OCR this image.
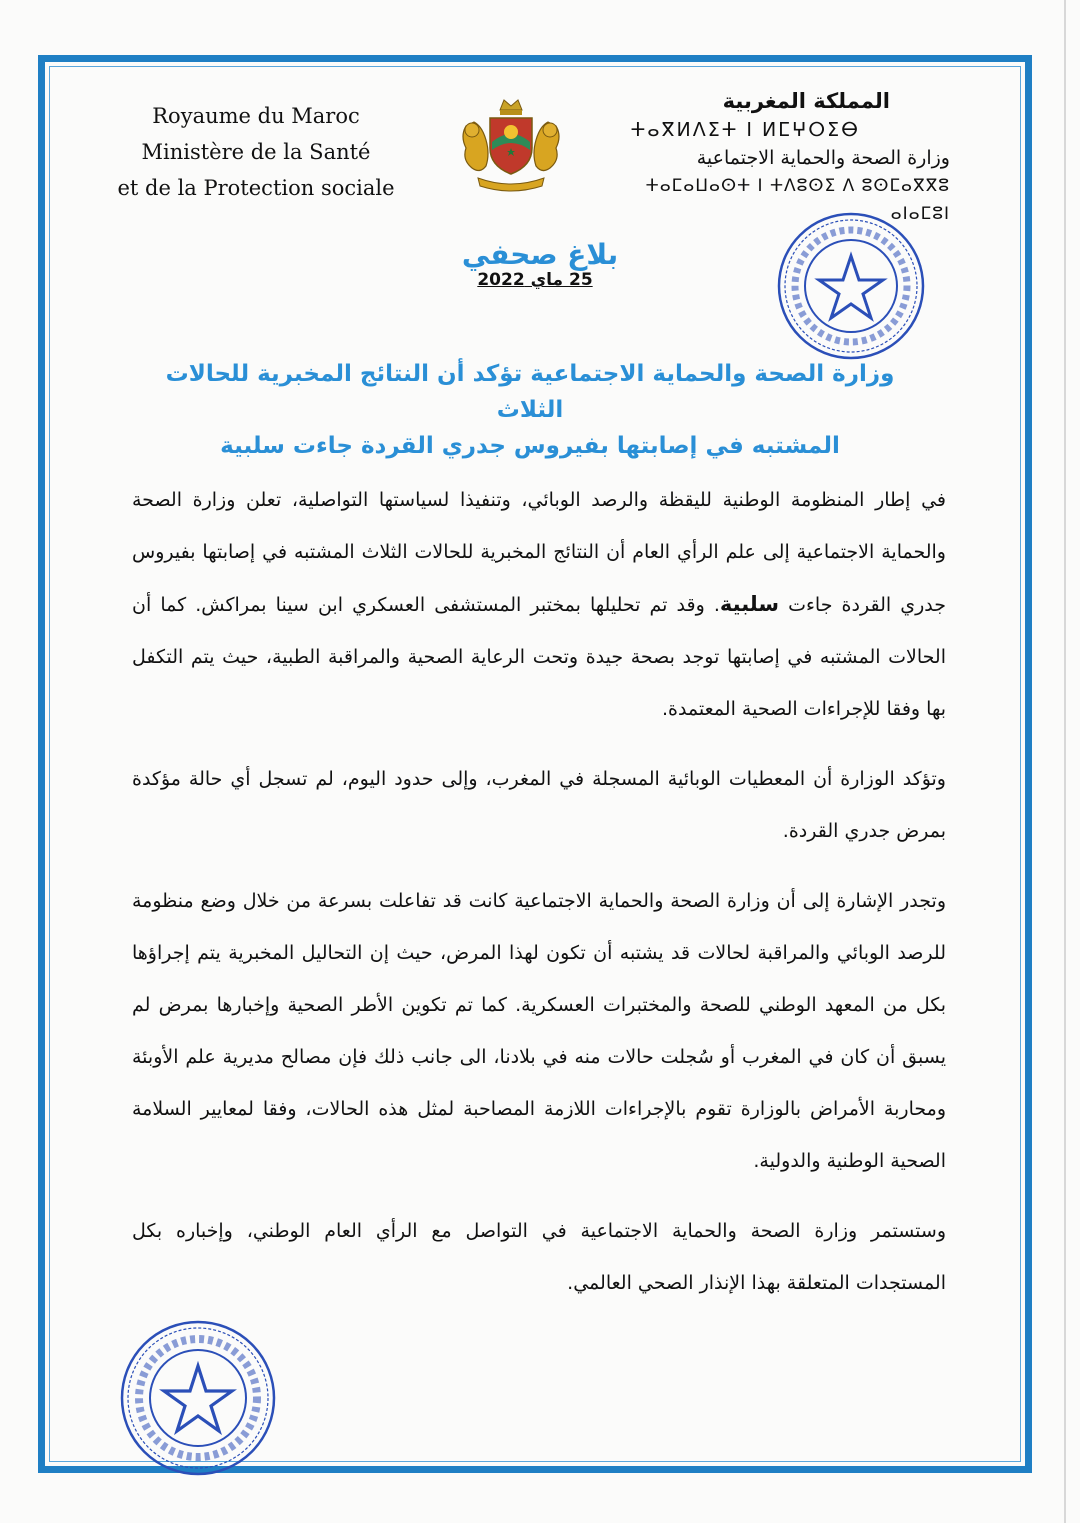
Royaume du Maroc
Ministère de la Santé
et de la Protection sociale
المملكة المغربية
ⵜⴰⴳⵍⴷⵉⵜ ⵏ ⵍⵎⵖⵔⵉⴱ
وزارة الصحة والحماية الاجتماعية
ⵜⴰⵎⴰⵡⴰⵙⵜ ⵏ ⵜⴷⵓⵙⵉ ⴷ ⵓⵙⵎⴰⴳⴳⵓ ⴰⵏⴰⵎⵓⵏ
بلاغ صحفي
25 ماي 2022
وزارة الصحة والحماية الاجتماعية تؤكد أن النتائج المخبرية للحالات الثلاث
المشتبه في إصابتها بفيروس جدري القردة جاءت سلبية

في إطار المنظومة الوطنية لليقظة والرصد الوبائي، وتنفيذا لسياستها التواصلية، تعلن وزارة الصحة والحماية الاجتماعية إلى علم الرأي العام أن النتائج المخبرية للحالات الثلاث المشتبه في إصابتها بفيروس جدري القردة جاءت سلبية. وقد تم تحليلها بمختبر المستشفى العسكري ابن سينا بمراكش. كما أن الحالات المشتبه في إصابتها توجد بصحة جيدة وتحت الرعاية الصحية والمراقبة الطبية، حيث يتم التكفل بها وفقا للإجراءات الصحية المعتمدة.

وتؤكد الوزارة أن المعطيات الوبائية المسجلة في المغرب، وإلى حدود اليوم، لم تسجل أي حالة مؤكدة بمرض جدري القردة.

وتجدر الإشارة إلى أن وزارة الصحة والحماية الاجتماعية كانت قد تفاعلت بسرعة من خلال وضع منظومة للرصد الوبائي والمراقبة لحالات قد يشتبه أن تكون لهذا المرض، حيث إن التحاليل المخبرية يتم إجراؤها بكل من المعهد الوطني للصحة والمختبرات العسكرية. كما تم تكوين الأطر الصحية وإخبارها بمرض لم يسبق أن كان في المغرب أو سُجلت حالات منه في بلادنا، الى جانب ذلك فإن مصالح مديرية علم الأوبئة ومحاربة الأمراض بالوزارة تقوم بالإجراءات اللازمة المصاحبة لمثل هذه الحالات، وفقا لمعايير السلامة الصحية الوطنية والدولية.

وستستمر وزارة الصحة والحماية الاجتماعية في التواصل مع الرأي العام الوطني، وإخباره بكل المستجدات المتعلقة بهذا الإنذار الصحي العالمي.
